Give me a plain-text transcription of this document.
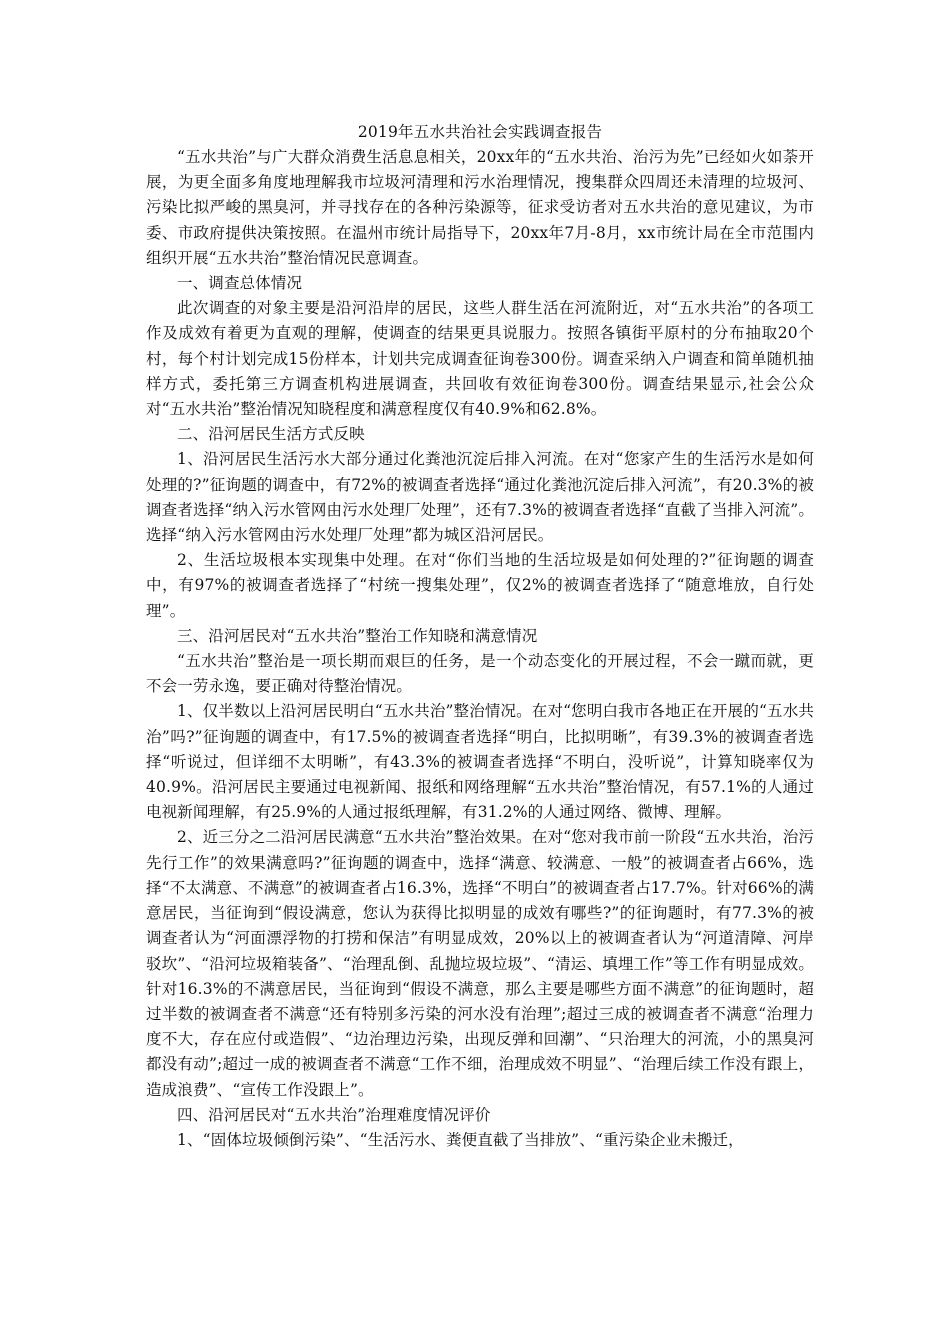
2019年五水共治社会实践调查报告

“五水共治”与广大群众消费生活息息相关，20xx年的“五水共治、治污为先”已经如火如荼开展，为更全面多角度地理解我市垃圾河清理和污水治理情况，搜集群众四周还未清理的垃圾河、污染比拟严峻的黑臭河，并寻找存在的各种污染源等，征求受访者对五水共治的意见建议，为市委、市政府提供决策按照。在温州市统计局指导下，20xx年7月-8月，xx市统计局在全市范围内组织开展“五水共治”整治情况民意调查。

一、调查总体情况

此次调查的对象主要是沿河沿岸的居民，这些人群生活在河流附近，对“五水共治”的各项工作及成效有着更为直观的理解，使调查的结果更具说服力。按照各镇街平原村的分布抽取20个村，每个村计划完成15份样本，计划共完成调查征询卷300份。调查采纳入户调查和简单随机抽样方式，委托第三方调查机构进展调查，共回收有效征询卷300份。调查结果显示,社会公众对“五水共治”整治情况知晓程度和满意程度仅有40.9%和62.8%。

二、沿河居民生活方式反映

1、沿河居民生活污水大部分通过化粪池沉淀后排入河流。在对“您家产生的生活污水是如何处理的?”征询题的调查中，有72%的被调查者选择“通过化粪池沉淀后排入河流”，有20.3%的被调查者选择“纳入污水管网由污水处理厂处理”，还有7.3%的被调查者选择“直截了当排入河流”。选择“纳入污水管网由污水处理厂处理”都为城区沿河居民。

2、生活垃圾根本实现集中处理。在对“你们当地的生活垃圾是如何处理的?”征询题的调查中，有97%的被调查者选择了“村统一搜集处理”，仅2%的被调查者选择了“随意堆放，自行处理”。

三、沿河居民对“五水共治”整治工作知晓和满意情况

“五水共治”整治是一项长期而艰巨的任务，是一个动态变化的开展过程，不会一蹴而就，更不会一劳永逸，要正确对待整治情况。

1、仅半数以上沿河居民明白“五水共治”整治情况。在对“您明白我市各地正在开展的“五水共治”吗?”征询题的调查中，有17.5%的被调查者选择“明白，比拟明晰”，有39.3%的被调查者选择“听说过，但详细不太明晰”，有43.3%的被调查者选择“不明白，没听说”，计算知晓率仅为40.9%。沿河居民主要通过电视新闻、报纸和网络理解“五水共治”整治情况，有57.1%的人通过电视新闻理解，有25.9%的人通过报纸理解，有31.2%的人通过网络、微博、理解。

2、近三分之二沿河居民满意“五水共治”整治效果。在对“您对我市前一阶段“五水共治，治污先行工作”的效果满意吗?”征询题的调查中，选择“满意、较满意、一般”的被调查者占66%，选择“不太满意、不满意”的被调查者占16.3%，选择“不明白”的被调查者占17.7%。针对66%的满意居民，当征询到“假设满意，您认为获得比拟明显的成效有哪些?”的征询题时，有77.3%的被调查者认为“河面漂浮物的打捞和保洁”有明显成效，20%以上的被调查者认为“河道清障、河岸驳坎”、“沿河垃圾箱装备”、“治理乱倒、乱抛垃圾垃圾”、“清运、填埋工作”等工作有明显成效。针对16.3%的不满意居民，当征询到“假设不满意，那么主要是哪些方面不满意”的征询题时，超过半数的被调查者不满意“还有特别多污染的河水没有治理”;超过三成的被调查者不满意“治理力度不大，存在应付或造假”、“边治理边污染，出现反弹和回潮”、“只治理大的河流，小的黑臭河都没有动”;超过一成的被调查者不满意“工作不细，治理成效不明显”、“治理后续工作没有跟上，造成浪费”、“宣传工作没跟上”。

四、沿河居民对“五水共治”治理难度情况评价

1、“固体垃圾倾倒污染”、“生活污水、粪便直截了当排放”、“重污染企业未搬迁，
